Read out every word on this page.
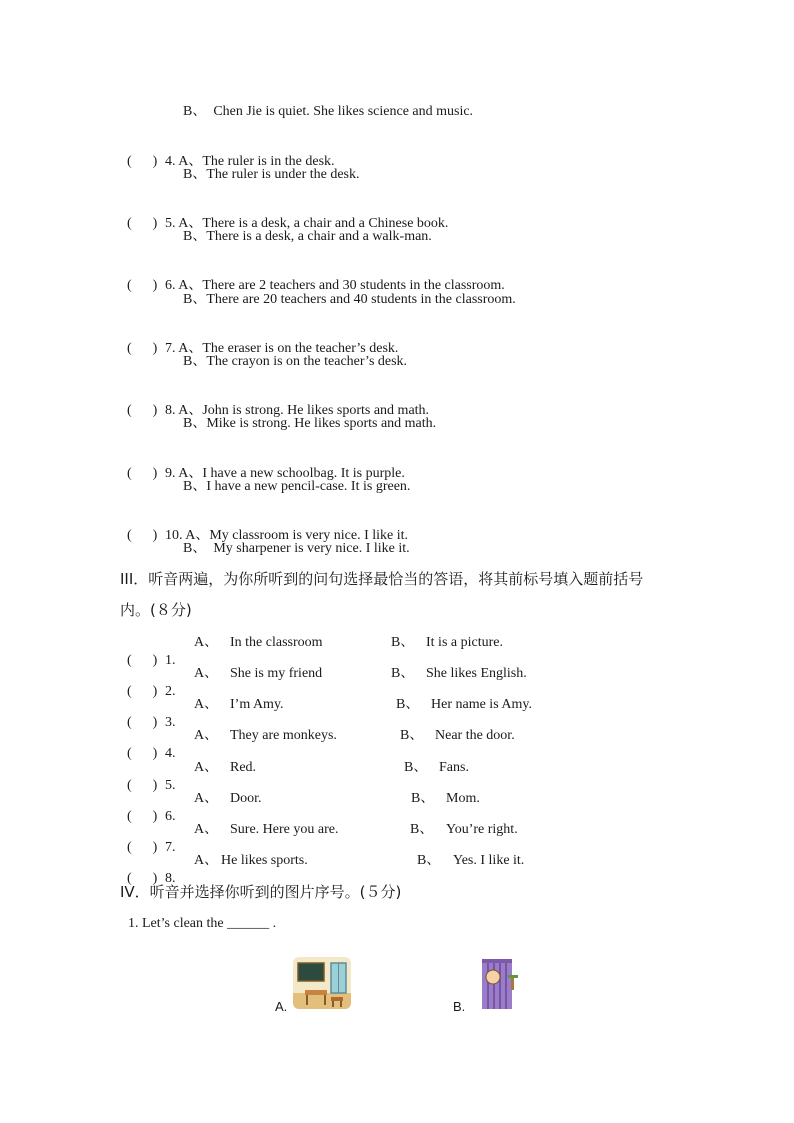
B、  Chen Jie is quiet. She likes science and music.

(      ) 4. A、The ruler is in the desk.

B、The ruler is under the desk.

(      ) 5. A、There is a desk, a chair and a Chinese book.

B、There is a desk, a chair and a walk-man.

(      ) 6. A、There are 2 teachers and 30 students in the classroom.

B、There are 20 teachers and 40 students in the classroom.

(      ) 7. A、The eraser is on the teacher’s desk.

B、The crayon is on the teacher’s desk.

(      ) 8. A、John is strong. He likes sports and math.

B、Mike is strong. He likes sports and math.

(      ) 9. A、I have a new schoolbag. It is purple.

B、I have a new pencil-case. It is green.

(      ) 10. A、My classroom is very nice. I like it.

B、  My sharpener is very nice. I like it.
III．听音两遍，为你所听到的问句选择最恰当的答语，将其前标号填入题前括号
内。(８分)

(      ) 1.

A、 In the classroom	B、 It is a picture.

(      ) 2.

A、 She is my friend	B、 She likes English.

(      ) 3.

A、 I’m Amy.	B、 Her name is Amy.

(      ) 4.

A、 They are monkeys.	B、 Near the door.

(      ) 5.

A、 Red.	B、 Fans.

(      ) 6.

A、 Door.	B、 Mom.

(      ) 7.

A、 Sure. Here you are.	B、 You’re right.

(      ) 8.

A、 He likes sports.	B、 Yes. I like it.
IV．听音并选择你听到的图片序号。(５分)
1. Let’s clean the ______ .
A.	B.
